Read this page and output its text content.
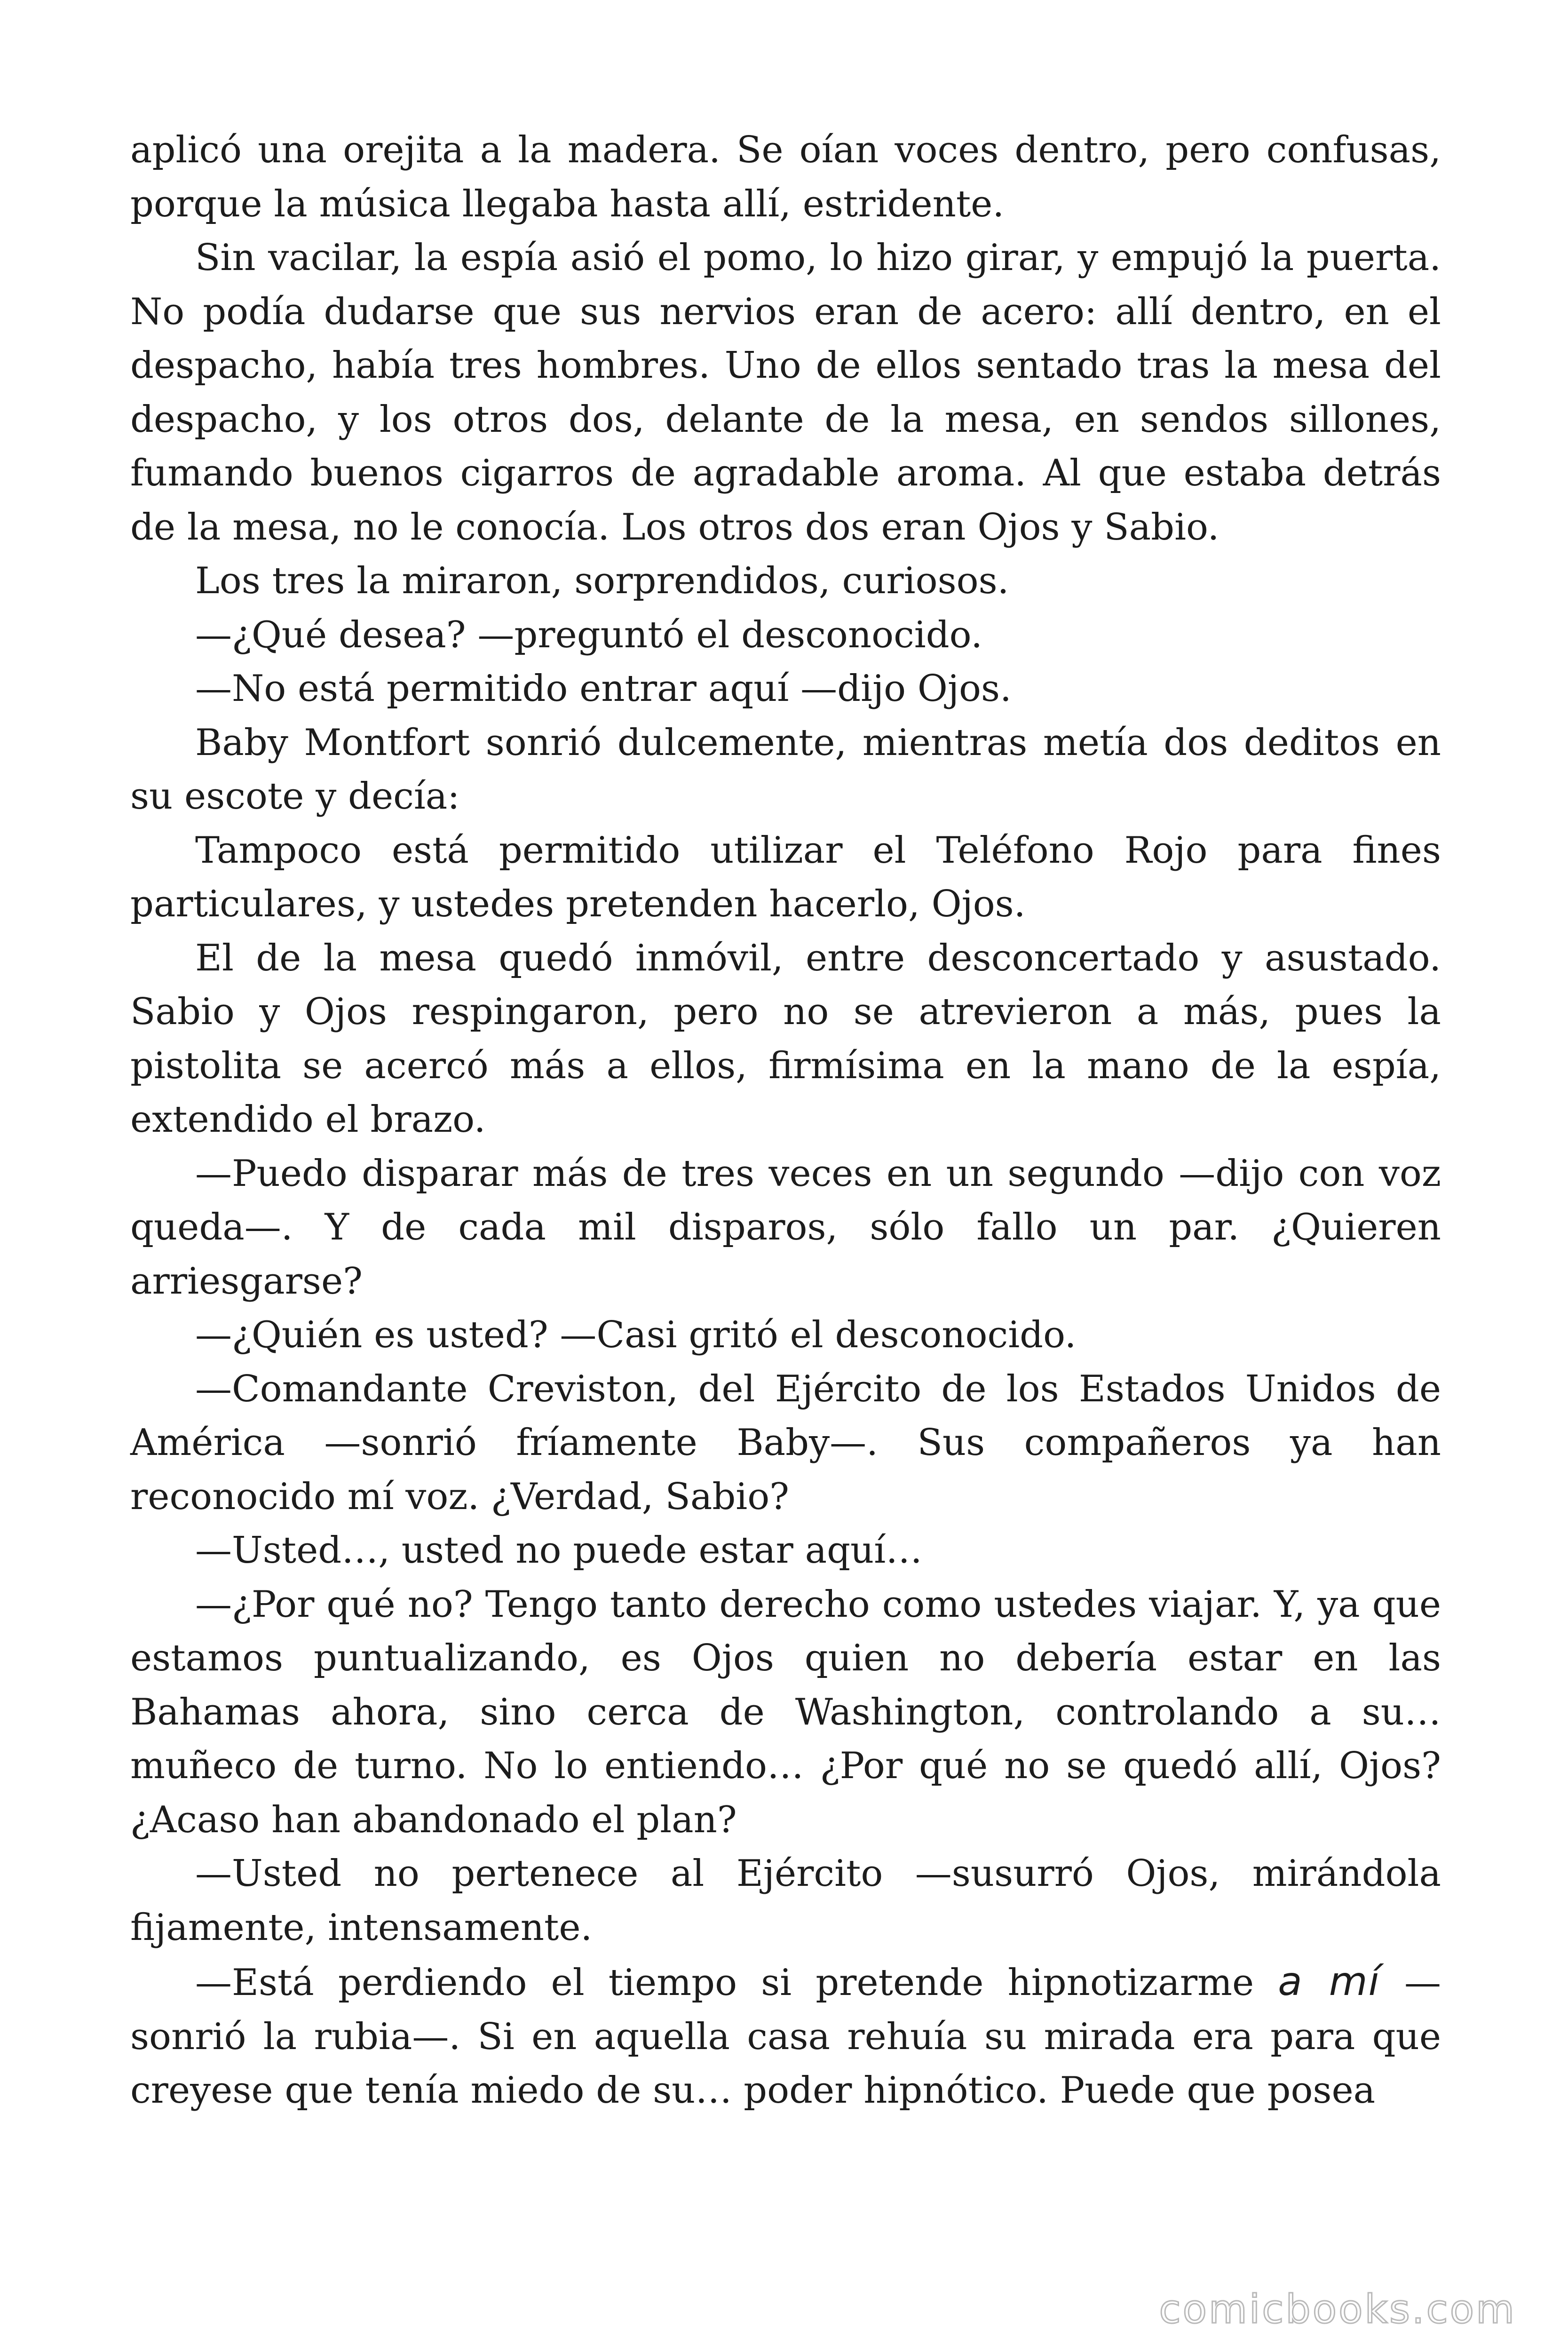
aplicó una orejita a la madera. Se oían voces dentro, pero confusas, porque la música llegaba hasta allí, estridente.

Sin vacilar, la espía asió el pomo, lo hizo girar, y empujó la puerta. No podía dudarse que sus nervios eran de acero: allí dentro, en el despacho, había tres hombres. Uno de ellos sentado tras la mesa del despacho, y los otros dos, delante de la mesa, en sendos sillones, fumando buenos cigarros de agradable aroma. Al que estaba detrás de la mesa, no le conocía. Los otros dos eran Ojos y Sabio.

Los tres la miraron, sorprendidos, curiosos.

—¿Qué desea? —preguntó el desconocido.

—No está permitido entrar aquí —dijo Ojos.

Baby Montfort sonrió dulcemente, mientras metía dos deditos en su escote y decía:

Tampoco está permitido utilizar el Teléfono Rojo para fines particulares, y ustedes pretenden hacerlo, Ojos.

El de la mesa quedó inmóvil, entre desconcertado y asustado. Sabio y Ojos respingaron, pero no se atrevieron a más, pues la pistolita se acercó más a ellos, firmísima en la mano de la espía, extendido el brazo.

—Puedo disparar más de tres veces en un segundo —dijo con voz queda—. Y de cada mil disparos, sólo fallo un par. ¿Quieren arriesgarse?

—¿Quién es usted? —Casi gritó el desconocido.

—Comandante Creviston, del Ejército de los Estados Unidos de América —sonrió fríamente Baby—. Sus compañeros ya han reconocido mí voz. ¿Verdad, Sabio?

—Usted…, usted no puede estar aquí…

—¿Por qué no? Tengo tanto derecho como ustedes viajar. Y, ya que estamos puntualizando, es Ojos quien no debería estar en las Bahamas ahora, sino cerca de Washington, controlando a su… muñeco de turno. No lo entiendo… ¿Por qué no se quedó allí, Ojos? ¿Acaso han abandonado el plan?

—Usted no pertenece al Ejército —susurró Ojos, mirándola fijamente, intensamente.

—Está perdiendo el tiempo si pretende hipnotizarme a mí —sonrió la rubia—. Si en aquella casa rehuía su mirada era para que creyese que tenía miedo de su… poder hipnótico. Puede que posea

comicbooks.com
